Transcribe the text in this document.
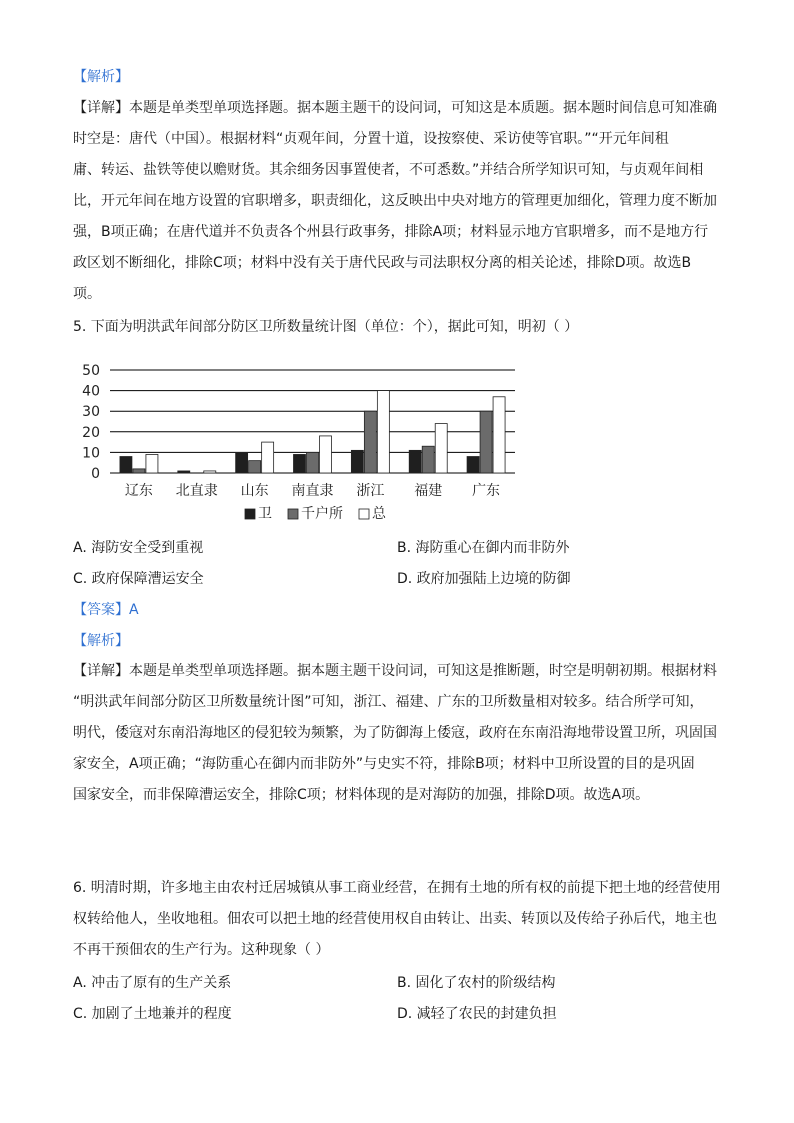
【解析】
【详解】本题是单类型单项选择题。据本题主题干的设问词，可知这是本质题。据本题时间信息可知准确
时空是：唐代（中国）。根据材料“贞观年间，分置十道，设按察使、采访使等官职。”“开元年间租
庸、转运、盐铁等使以赡财货。其余细务因事置使者，不可悉数。”并结合所学知识可知，与贞观年间相
比，开元年间在地方设置的官职增多，职责细化，这反映出中央对地方的管理更加细化，管理力度不断加
强，B项正确；在唐代道并不负责各个州县行政事务，排除A项；材料显示地方官职增多，而不是地方行
政区划不断细化，排除C项；材料中没有关于唐代民政与司法职权分离的相关论述，排除D项。故选B
项。
5. 下面为明洪武年间部分防区卫所数量统计图（单位：个），据此可知，明初（ ）
0
10
20
30
40
50
辽东 北直隶 山东 南直隶 浙江 福建 广东
卫 千户所 总
A. 海防安全受到重视	B. 海防重心在御内而非防外
C. 政府保障漕运安全	D. 政府加强陆上边境的防御
【答案】A
【解析】
【详解】本题是单类型单项选择题。据本题主题干设问词，可知这是推断题，时空是明朝初期。根据材料
“明洪武年间部分防区卫所数量统计图”可知，浙江、福建、广东的卫所数量相对较多。结合所学可知，
明代，倭寇对东南沿海地区的侵犯较为频繁，为了防御海上倭寇，政府在东南沿海地带设置卫所，巩固国
家安全，A项正确；“海防重心在御内而非防外”与史实不符，排除B项；材料中卫所设置的目的是巩固
国家安全，而非保障漕运安全，排除C项；材料体现的是对海防的加强，排除D项。故选A项。
6. 明清时期，许多地主由农村迁居城镇从事工商业经营，在拥有土地的所有权的前提下把土地的经营使用
权转给他人，坐收地租。佃农可以把土地的经营使用权自由转让、出卖、转顶以及传给子孙后代，地主也
不再干预佃农的生产行为。这种现象（ ）
A. 冲击了原有的生产关系	B. 固化了农村的阶级结构
C. 加剧了土地兼并的程度	D. 减轻了农民的封建负担
